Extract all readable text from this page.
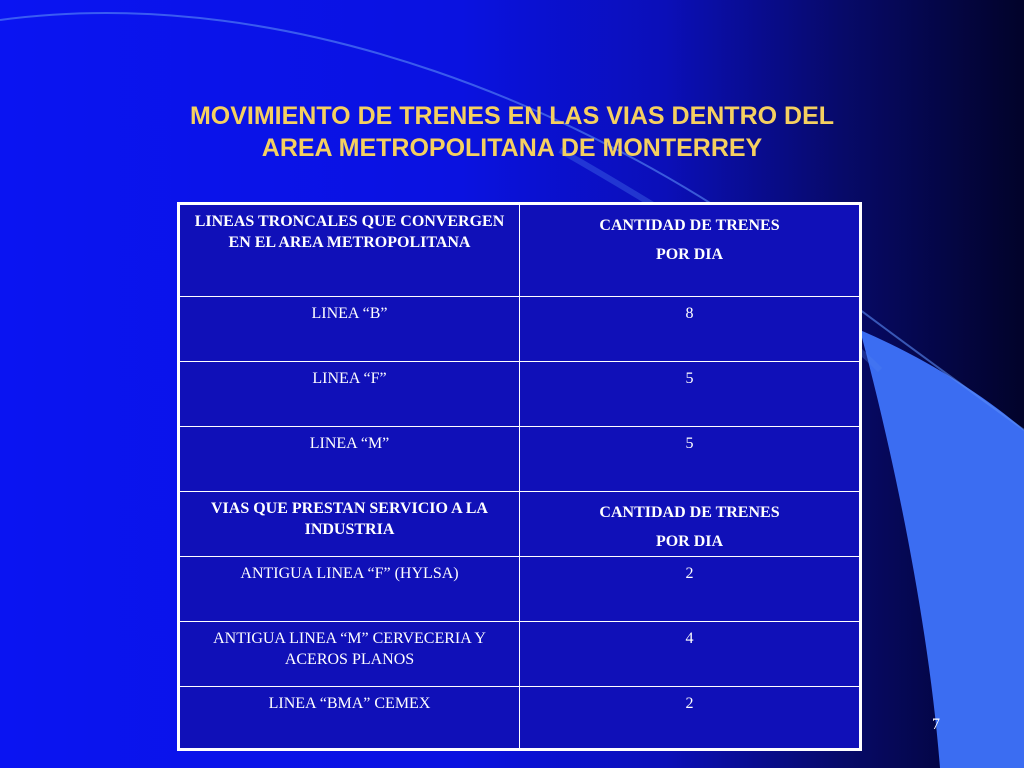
MOVIMIENTO DE TRENES EN LAS VIAS DENTRO DEL
AREA METROPOLITANA DE MONTERREY
LINEAS TRONCALES QUE CONVERGEN EN EL AREA METROPOLITANA	CANTIDAD DE TRENES
POR DIA

LINEA “B”	8
LINEA “F”	5
LINEA “M”	5
VIAS QUE PRESTAN SERVICIO A LA INDUSTRIA	CANTIDAD DE TRENES
POR DIA

ANTIGUA LINEA “F” (HYLSA)	2
ANTIGUA LINEA “M” CERVECERIA Y ACEROS PLANOS	4
LINEA “BMA” CEMEX	2
7
